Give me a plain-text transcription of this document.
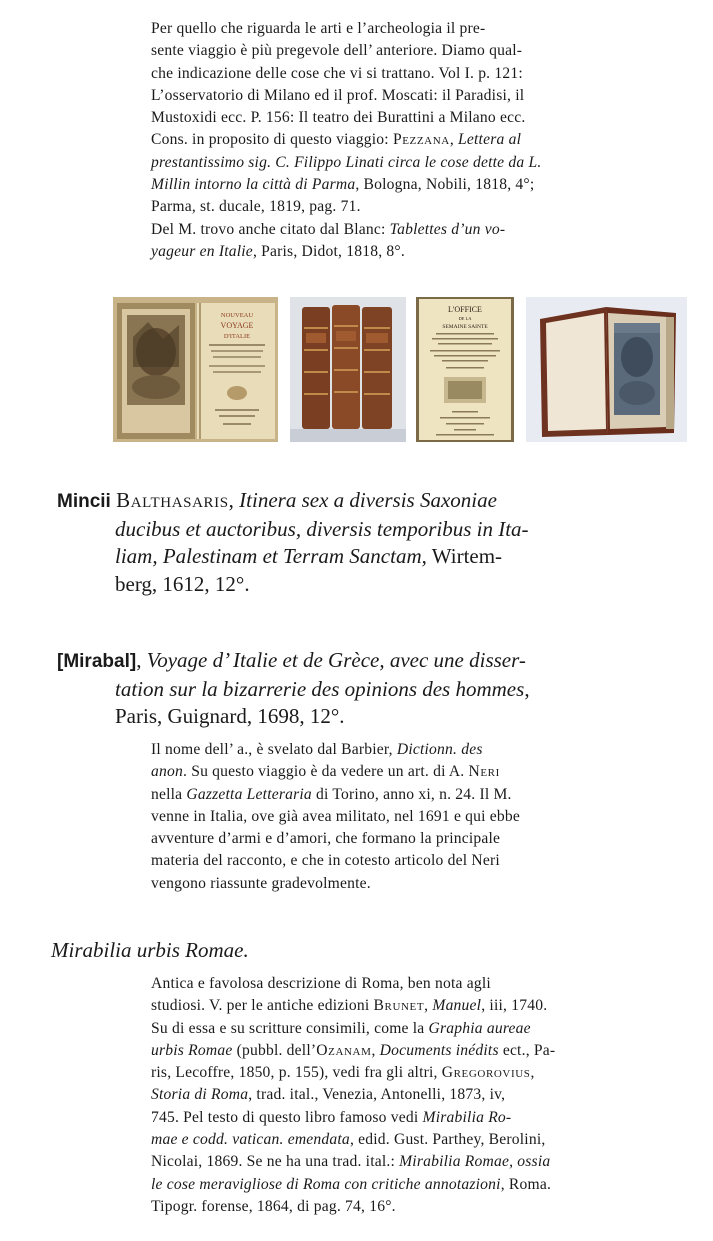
Per quello che riguarda le arti e l’archeologia il pre-
sente viaggio è più pregevole dell’ anteriore. Diamo qual-
che indicazione delle cose che vi si trattano. Vol I. p. 121:
L’osservatorio di Milano ed il prof. Moscati: il Paradisi, il
Mustoxidi ecc. P. 156: Il teatro dei Burattini a Milano ecc.

Cons. in proposito di questo viaggio: Pezzana, Lettera al
prestantissimo sig. C. Filippo Linati circa le cose dette da L.
Millin intorno la città di Parma, Bologna, Nobili, 1818, 4°;
Parma, st. ducale, 1819, pag. 71.

Del M. trovo anche citato dal Blanc: Tablettes d’un vo-
yageur en Italie, Paris, Didot, 1818, 8°.

NOUVEAU
VOYAGE
D'ITALIE
L'OFFICE
DE LA
SEMAINE SAINTE

Mincii Balthasaris, Itinera sex a diversis Saxoniae
ducibus et auctoribus, diversis temporibus in Ita-
liam, Palestinam et Terram Sanctam, Wirtem-
berg, 1612, 12°.

[Mirabal], Voyage d’ Italie et de Grèce, avec une disser-
tation sur la bizarrerie des opinions des hommes,
Paris, Guignard, 1698, 12°.

Il nome dell’ a., è svelato dal Barbier, Dictionn. des
anon. Su questo viaggio è da vedere un art. di A. Neri
nella Gazzetta Letteraria di Torino, anno xi, n. 24. Il M.
venne in Italia, ove già avea militato, nel 1691 e qui ebbe
avventure d’armi e d’amori, che formano la principale
materia del racconto, e che in cotesto articolo del Neri
vengono riassunte gradevolmente.

Mirabilia urbis Romae.

Antica e favolosa descrizione di Roma, ben nota agli
studiosi. V. per le antiche edizioni Brunet, Manuel, iii, 1740.
Su di essa e su scritture consimili, come la Graphia aureae
urbis Romae (pubbl. dell’Ozanam, Documents inédits ect., Pa-
ris, Lecoffre, 1850, p. 155), vedi fra gli altri, Gregorovius,
Storia di Roma, trad. ital., Venezia, Antonelli, 1873, iv,
745. Pel testo di questo libro famoso vedi Mirabilia Ro-
mae e codd. vatican. emendata, edid. Gust. Parthey, Berolini,
Nicolai, 1869. Se ne ha una trad. ital.: Mirabilia Romae, ossia
le cose meravigliose di Roma con critiche annotazioni, Roma.
Tipogr. forense, 1864, di pag. 74, 16°.
